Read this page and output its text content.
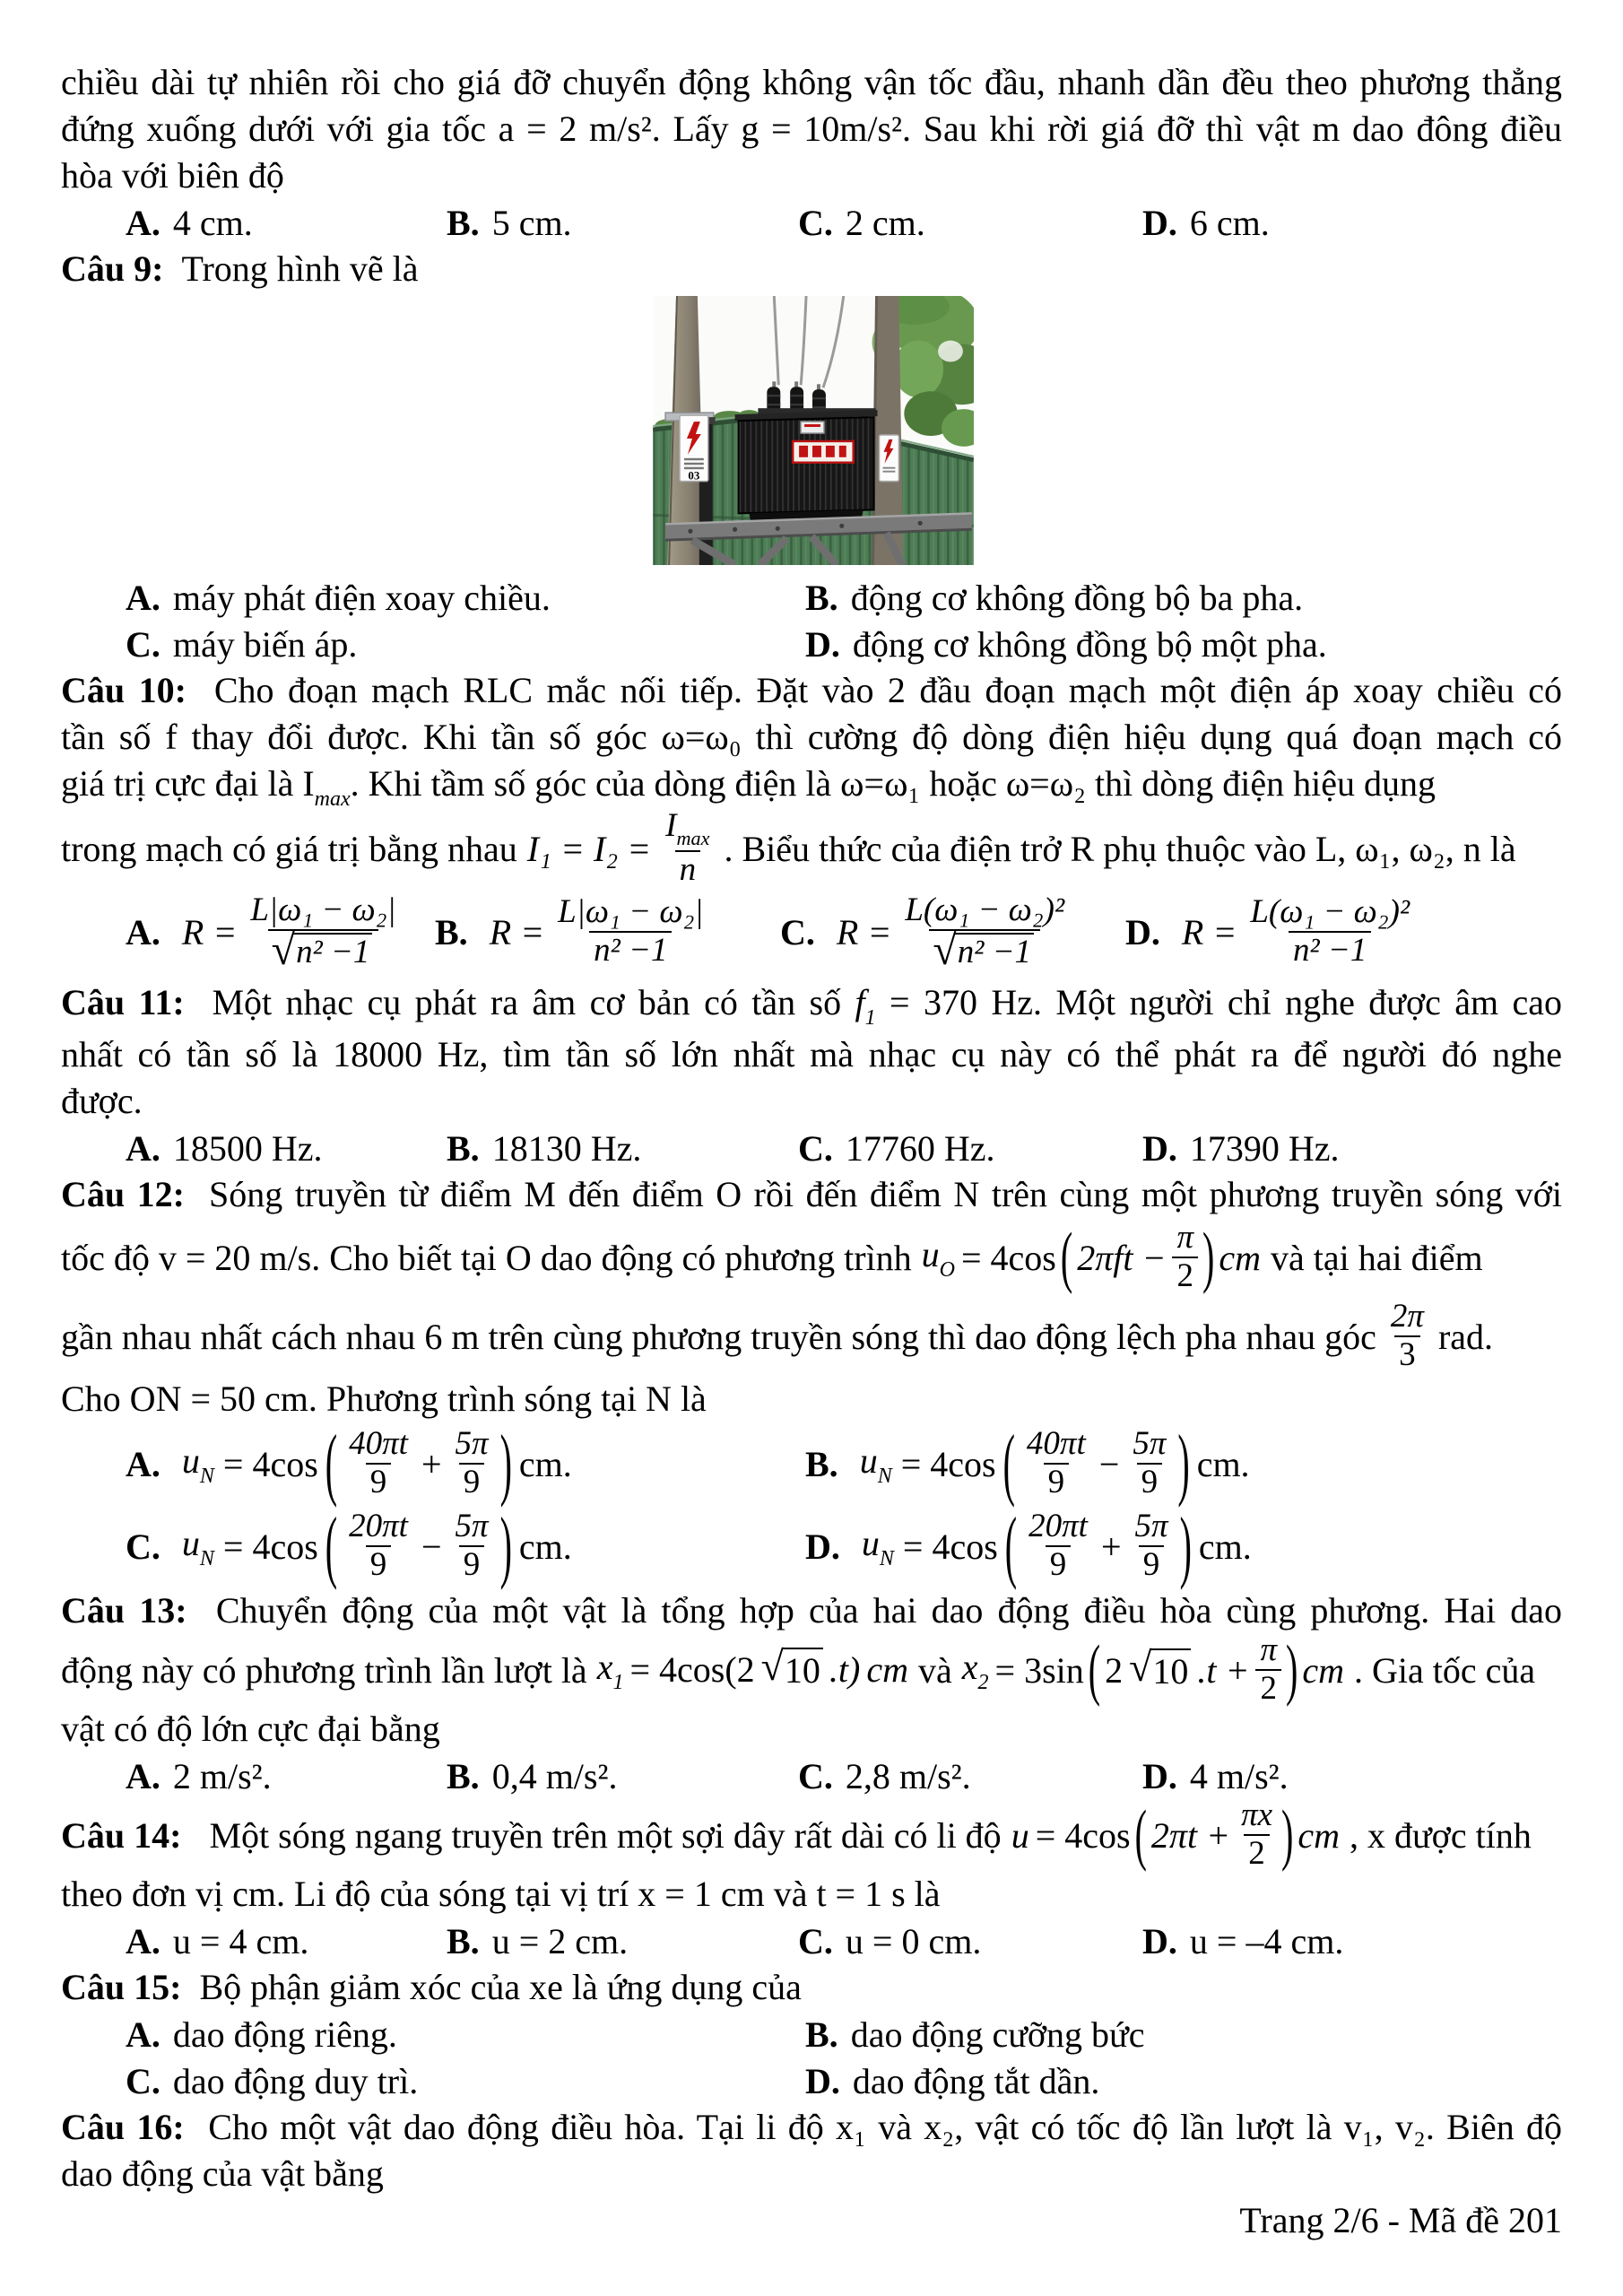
chiều dài tự nhiên rồi cho giá đỡ chuyển động không vận tốc đầu, nhanh dần đều theo phương thẳng
đứng xuống dưới với gia tốc a = 2 m/s². Lấy g = 10m/s². Sau khi rời giá đỡ thì vật m dao đông điều
hòa với biên độ
A. 4 cm.	B. 5 cm.	C. 2 cm.	D. 6 cm.
Câu 9: Trong hình vẽ là
03
A. máy phát điện xoay chiều.	B. động cơ không đồng bộ ba pha.
C. máy biến áp.	D. động cơ không đồng bộ một pha.
Câu 10: Cho đoạn mạch RLC mắc nối tiếp. Đặt vào 2 đầu đoạn mạch một điện áp xoay chiều có
tần số f thay đổi được. Khi tần số góc ω=ω₀ thì cường độ dòng điện hiệu dụng quá đoạn mạch có
giá trị cực đại là $I_{max}$. Khi tầm số góc của dòng điện là ω=ω₁ hoặc ω=ω₂ thì dòng điện hiệu dụng
trong mạch có giá trị bằng nhau $I_1 = I_2 = \frac{I_{max}}{n}$ . Biểu thức của điện trở R phụ thuộc vào L, ω₁, ω₂, n là
A. $R = \frac{\text{L|ω₁ − ω₂|}}{\text{√ n² −1}} B$. $R = \frac{\text{L|ω₁ − ω₂|}}{\text{n² −1}} C$. $R = \frac{\text{L(ω₁ − ω₂)²}}{\text{√ n² −1}} D$. $R = \frac{\text{L(ω₁ − ω₂)²}}{\text{n² −1}}$
Câu 11: Một nhạc cụ phát ra âm cơ bản có tần số $f_1 = 370$ Hz. Một người chỉ nghe được âm cao
nhất có tần số là 18000 Hz, tìm tần số lớn nhất mà nhạc cụ này có thể phát ra để người đó nghe
được.
A. 18500 Hz.	B. 18130 Hz.	C. 17760 Hz.	D. 17390 Hz.
Câu 12: Sóng truyền từ điểm M đến điểm O rồi đến điểm N trên cùng một phương truyền sóng với
tốc độ v = 20 m/s. Cho biết tại O dao động có phương trình $u_O = 4\cos$ ( $2\pi ft - \frac{\pi}{2}$ ) cm và tại hai điểm
gần nhau nhất cách nhau 6 m trên cùng phương truyền sóng thì dao động lệch pha nhau góc $\frac{2\pi}{3}$ rad.
Cho ON = 50 cm. Phương trình sóng tại N là
A. $u_N = 4\cos$ ( $\frac{40\pi t}{9} + \frac{5\pi}{9}$ ) cm.	B. $u_N = 4\cos$ ( $\frac{40\pi t}{9} - \frac{5\pi}{9}$ ) cm.
C. $u_N = 4\cos$ ( $\frac{20\pi t}{9} - \frac{5\pi}{9}$ ) cm.	D. $u_N = 4\cos$ ( $\frac{20\pi t}{9} + \frac{5\pi}{9}$ ) cm.
Câu 13: Chuyển động của một vật là tổng hợp của hai dao động điều hòa cùng phương. Hai dao
động này có phương trình lần lượt là $x_1 = 4\cos(2$ √ 10 .t) cm và $x_2 = 3\sin$ ( 2 √ 10 $.t + \frac{\pi}{2}$ ) cm . Gia tốc của
vật có độ lớn cực đại bằng
A. 2 m/s².	B. 0,4 m/s².	C. 2,8 m/s².	D. 4 m/s².
Câu 14: Một sóng ngang truyền trên một sợi dây rất dài có li độ u = 4cos ( $2\pi t + \frac{\pi x}{2}$ ) cm , x được tính
theo đơn vị cm. Li độ của sóng tại vị trí x = 1 cm và t = 1 s là
A. u = 4 cm.	B. u = 2 cm.	C. u = 0 cm.	D. u = –4 cm.
Câu 15: Bộ phận giảm xóc của xe là ứng dụng của
A. dao động riêng.	B. dao động cưỡng bức
C. dao động duy trì.	D. dao động tắt dần.
Câu 16: Cho một vật dao động điều hòa. Tại li độ x₁ và x₂, vật có tốc độ lần lượt là v₁, v₂. Biên độ
dao động của vật bằng
Trang 2/6 - Mã đề 201
